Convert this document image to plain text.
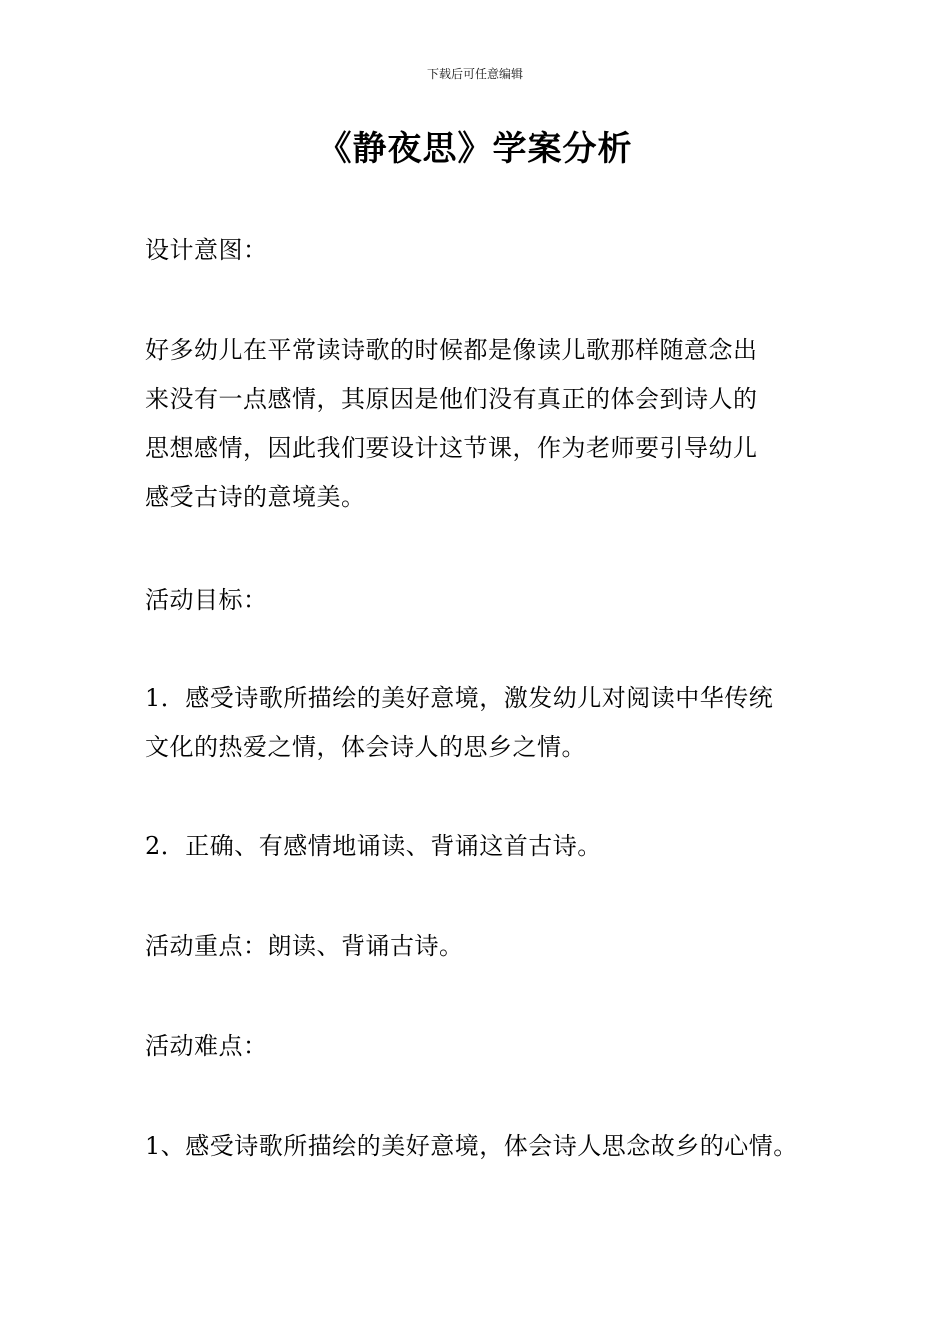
下载后可任意编辑
《静夜思》学案分析
设计意图：
好多幼儿在平常读诗歌的时候都是像读儿歌那样随意念出
来没有一点感情，其原因是他们没有真正的体会到诗人的
思想感情，因此我们要设计这节课，作为老师要引导幼儿
感受古诗的意境美。
活动目标：
1．感受诗歌所描绘的美好意境，激发幼儿对阅读中华传统
文化的热爱之情，体会诗人的思乡之情。
2．正确、有感情地诵读、背诵这首古诗。
活动重点：朗读、背诵古诗。
活动难点：
1、感受诗歌所描绘的美好意境，体会诗人思念故乡的心情。
